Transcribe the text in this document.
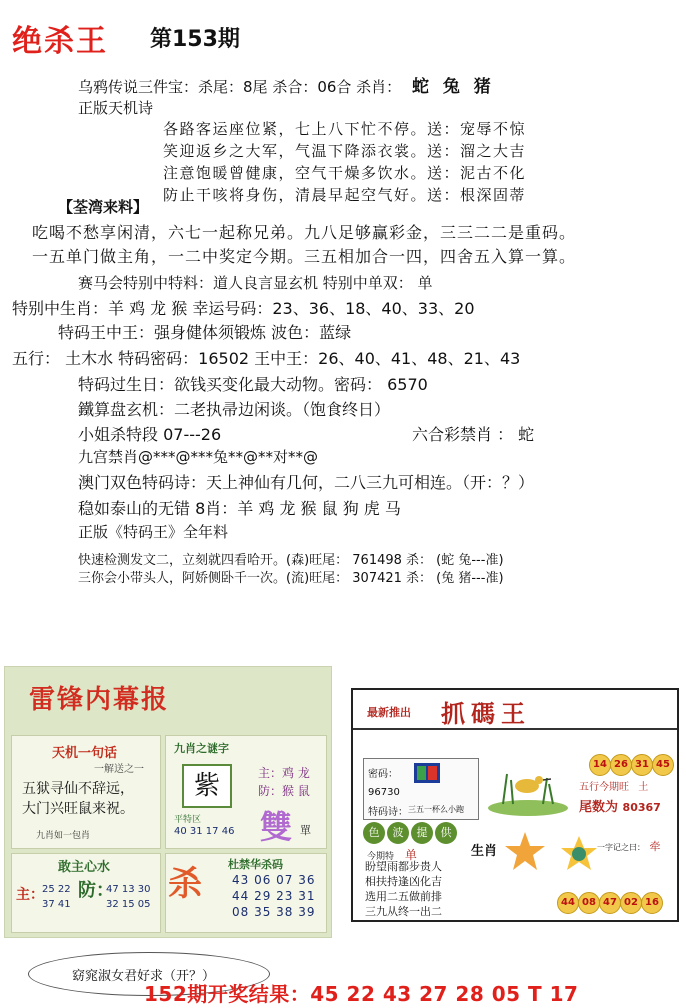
绝杀王 第153期
乌鸦传说三件宝：杀尾：8尾 杀合：06合 杀肖： 蛇 兔 猪
正版天机诗
各路客运座位紧，七上八下忙不停。送：宠辱不惊
笑迎返乡之大军，气温下降添衣裳。送：溜之大吉
注意饱暖曾健康，空气干燥多饮水。送：泥古不化
防止干咳将身伤，清晨早起空气好。送：根深固蒂
【荃湾来料】
吃喝不愁享闲清，六七一起称兄弟。九八足够赢彩金，三三二二是重码。
一五单门做主角，一二中奖定今期。三五相加合一四，四舍五入算一算。
赛马会特别中特料：道人良言显玄机 特别中单双： 单
特别中生肖：羊 鸡 龙 猴 幸运号码：23、36、18、40、33、20
特码王中王：强身健体须锻炼 波色：蓝绿
五行： 土木水 特码密码：16502 王中王：26、40、41、48、21、43
特码过生日：欲钱买变化最大动物。密码： 6570
鐵算盘玄机：二老执帚边闲谈。（饱食终日）
小姐杀特段 07---26	六合彩禁肖 ： 蛇
九宫禁肖@***@***兔**@**对**@
澳门双色特码诗：天上神仙有几何，二八三九可相连。（开：？）
稳如泰山的无错 8肖：羊 鸡 龙 猴 鼠 狗 虎 马
正版《特码王》全年料
快速检测发文二，立刻就四看哈开。(森)旺尾： 761498 杀： (蛇 兔---准)
三你会小带头人，阿娇侧卧千一次。(流)旺尾： 307421 杀： (兔 猪---准)
雷锋内幕报
天机一句话
一解送之一
五狱寻仙不辞远，
大门兴旺鼠来祝。
九肖如一包肖
九肖之谜字
紫	主：鸡 龙
防：猴 鼠
平特区
40 31 17 46 雙 單
敢主心水
主：
25 22
37 41
防：
47 13 30
32 15 05
杀 杜禁华杀码
43 06 07 36
44 29 23 31
08 35 38 39
最新推出 抓碼王
14 26 31 45
密码：
96730
特码诗： 三五一杯么小跑
五行今期旺 土
尾数为 80367
色	波	提	供
生肖
今期特 单
盼望雨都步贵人
相扶持逢凶化吉
选用二五做前排
三九从终一出二
一字记之曰： 牵
44 08 47 02 16
窈窕淑女君好求（开？）
152期开奖结果：45 22 43 27 28 05 T 17
